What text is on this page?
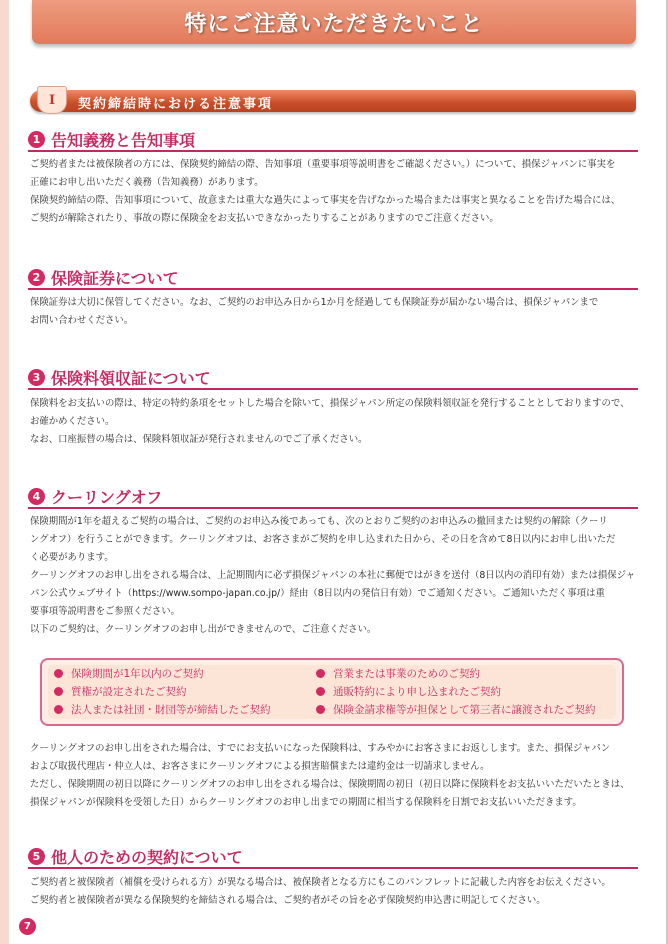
特にご注意いただきたいこと
I	契約締結時における注意事項
1 告知義務と告知事項

ご契約者または被保険者の方には、保険契約締結の際、告知事項（重要事項等説明書をご確認ください。）について、損保ジャパンに事実を

正確にお申し出いただく義務（告知義務）があります。

保険契約締結の際、告知事項について、故意または重大な過失によって事実を告げなかった場合または事実と異なることを告げた場合には、

ご契約が解除されたり、事故の際に保険金をお支払いできなかったりすることがありますのでご注意ください。

2 保険証券について

保険証券は大切に保管してください。なお、ご契約のお申込み日から1か月を経過しても保険証券が届かない場合は、損保ジャパンまで

お問い合わせください。

3 保険料領収証について

保険料をお支払いの際は、特定の特約条項をセットした場合を除いて、損保ジャパン所定の保険料領収証を発行することとしておりますので、

お確かめください。

なお、口座振替の場合は、保険料領収証が発行されませんのでご了承ください。

4 クーリングオフ

保険期間が1年を超えるご契約の場合は、ご契約のお申込み後であっても、次のとおりご契約のお申込みの撤回または契約の解除（クーリ

ングオフ）を行うことができます。クーリングオフは、お客さまがご契約を申し込まれた日から、その日を含めて8日以内にお申し出いただ

く必要があります。

クーリングオフのお申し出をされる場合は、上記期間内に必ず損保ジャパンの本社に郵便ではがきを送付（8日以内の消印有効）または損保ジャ

パン公式ウェブサイト（https://www.sompo-japan.co.jp/）経由（8日以内の発信日有効）でご通知ください。ご通知いただく事項は重

要事項等説明書をご参照ください。

以下のご契約は、クーリングオフのお申し出ができませんので、ご注意ください。

保険期間が1年以内のご契約
質権が設定されたご契約
法人または社団・財団等が締結したご契約
営業または事業のためのご契約
通販特約により申し込まれたご契約
保険金請求権等が担保として第三者に譲渡されたご契約

クーリングオフのお申し出をされた場合は、すでにお支払いになった保険料は、すみやかにお客さまにお返しします。また、損保ジャパン

および取扱代理店・仲立人は、お客さまにクーリングオフによる損害賠償または違約金は一切請求しません。

ただし、保険期間の初日以降にクーリングオフのお申し出をされる場合は、保険期間の初日（初日以降に保険料をお支払いいただいたときは、

損保ジャパンが保険料を受領した日）からクーリングオフのお申し出までの期間に相当する保険料を日割でお支払いいただきます。

5 他人のための契約について

ご契約者と被保険者（補償を受けられる方）が異なる場合は、被保険者となる方にもこのパンフレットに記載した内容をお伝えください。

ご契約者と被保険者が異なる保険契約を締結される場合は、ご契約者がその旨を必ず保険契約申込書に明記してください。

7
